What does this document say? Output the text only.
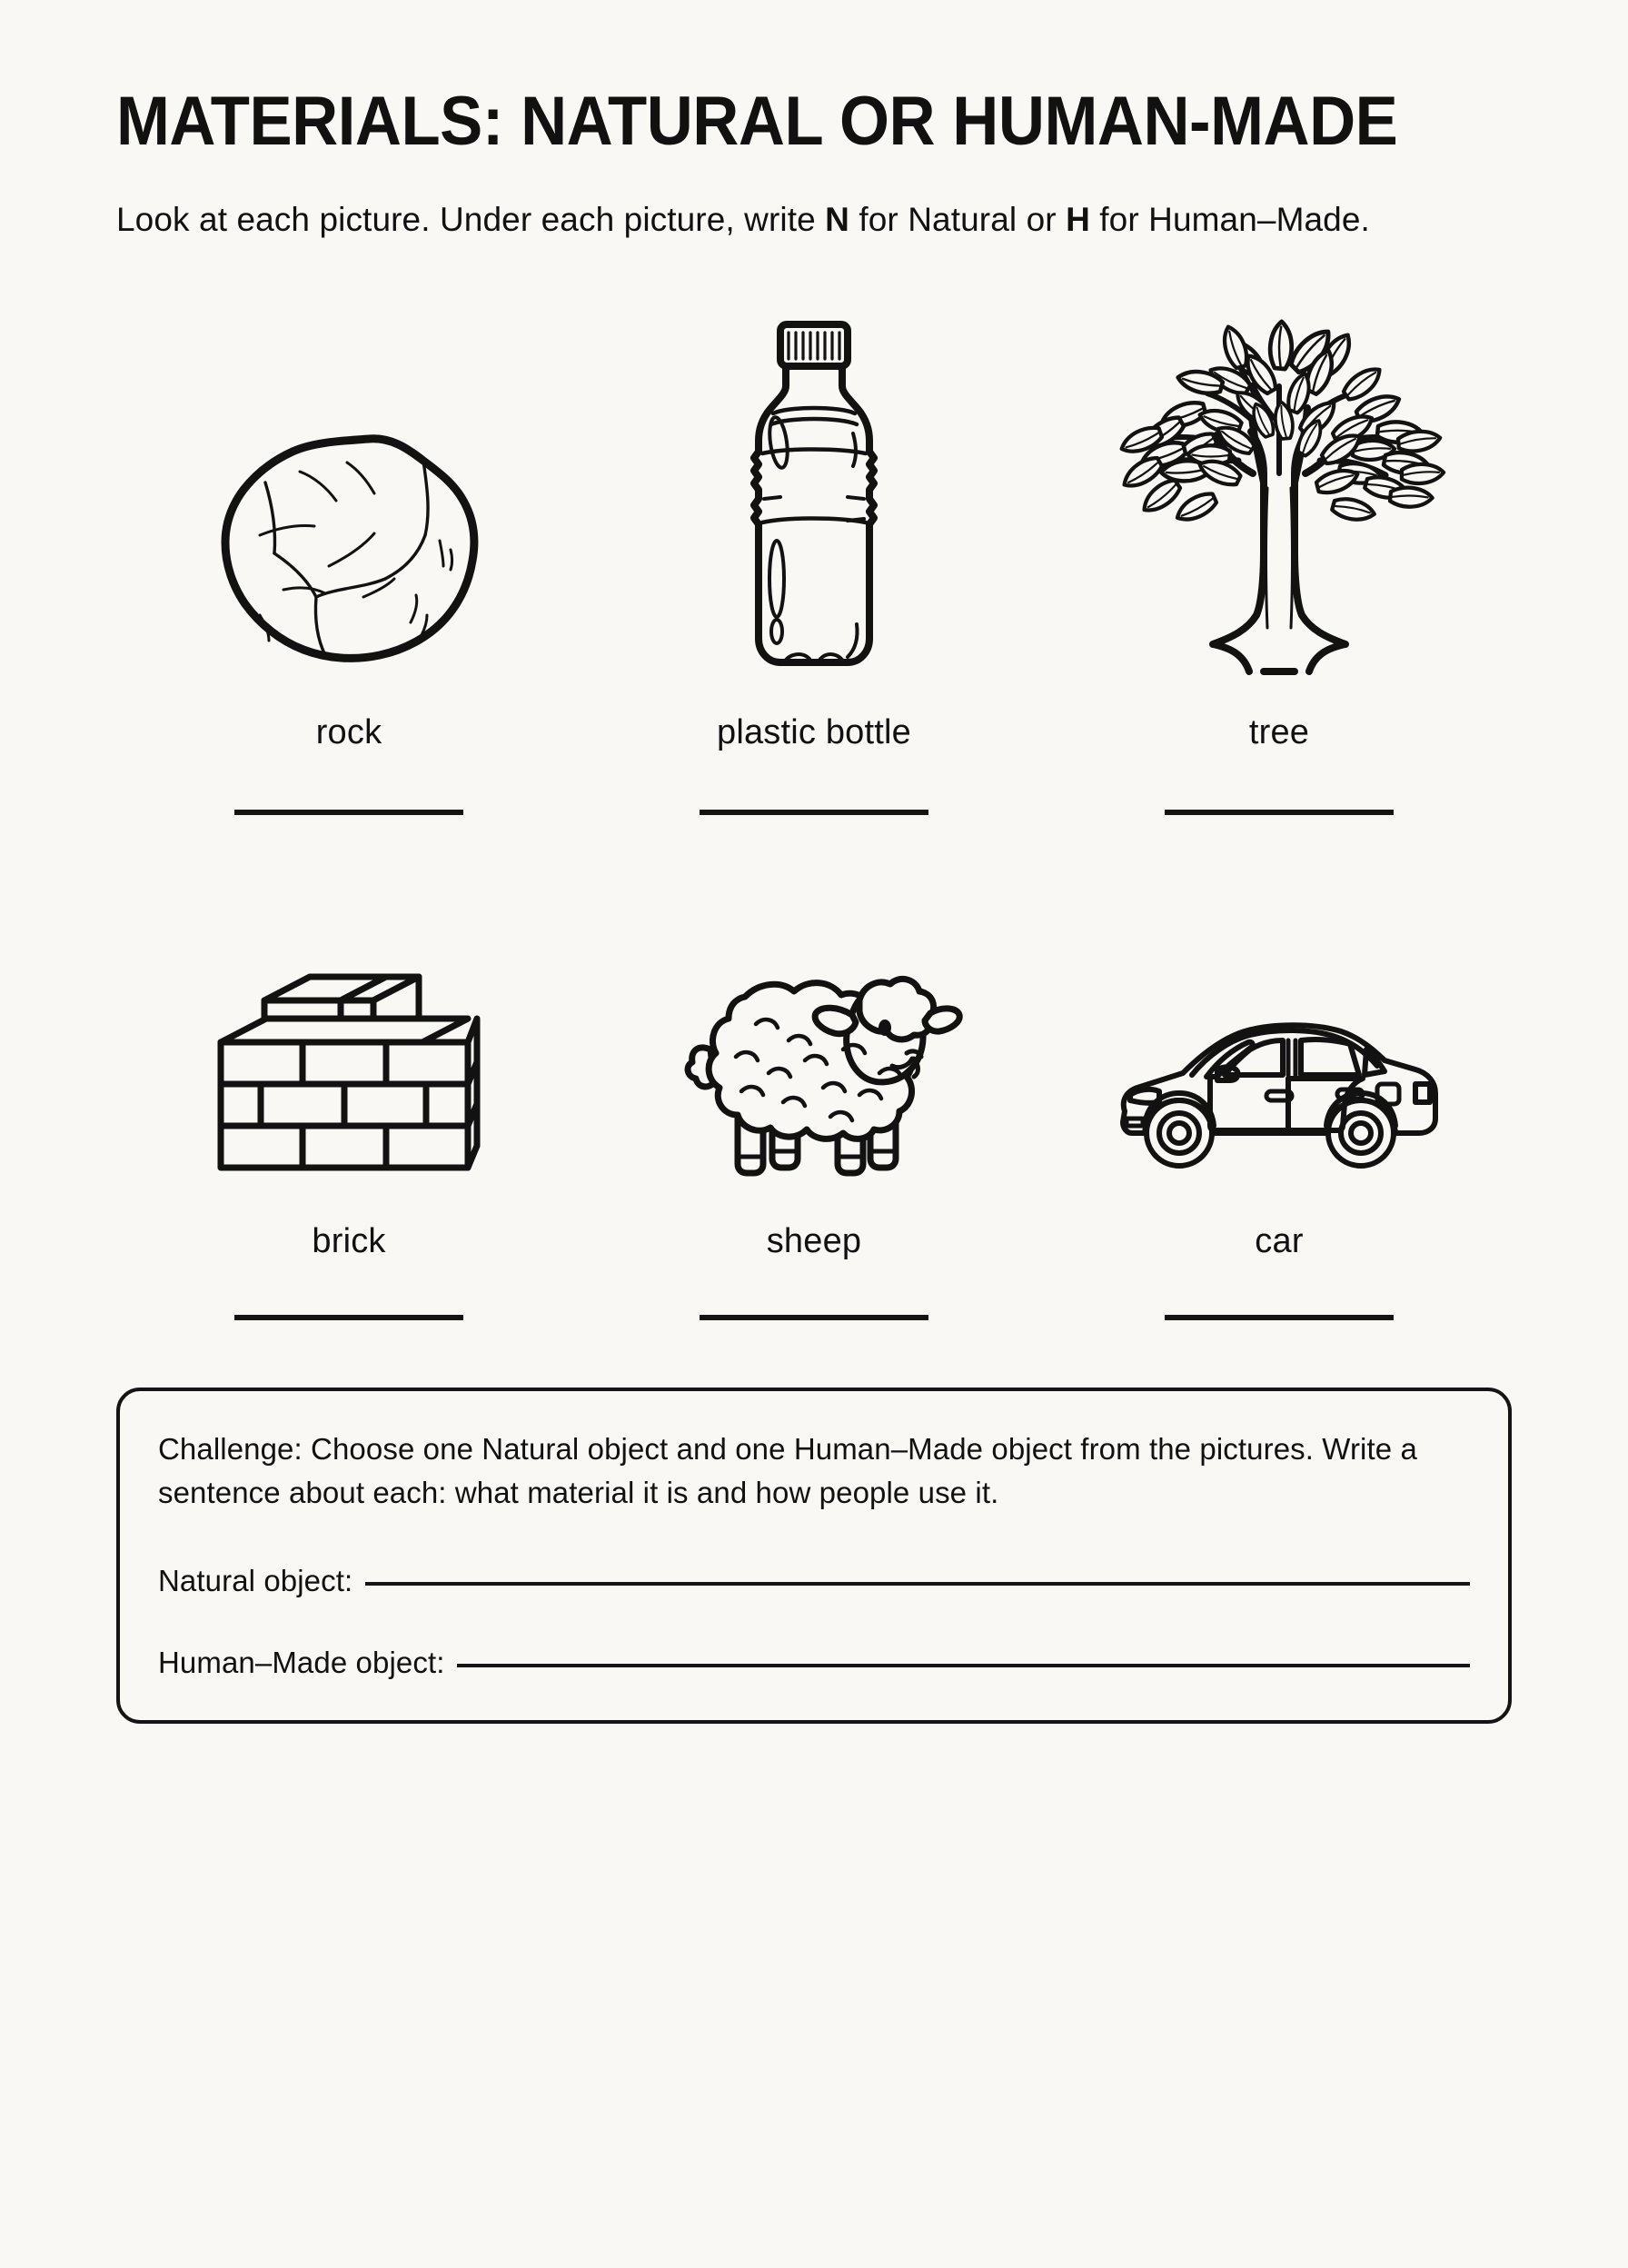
MATERIALS: NATURAL OR HUMAN-MADE

Look at each picture. Under each picture, write N for Natural or H for Human–Made.

rock	plastic bottle	tree
brick	sheep	car
Challenge: Choose one Natural object and one Human–Made object from the pictures. Write a sentence about each: what material it is and how people use it.
Natural object:
Human–Made object:
